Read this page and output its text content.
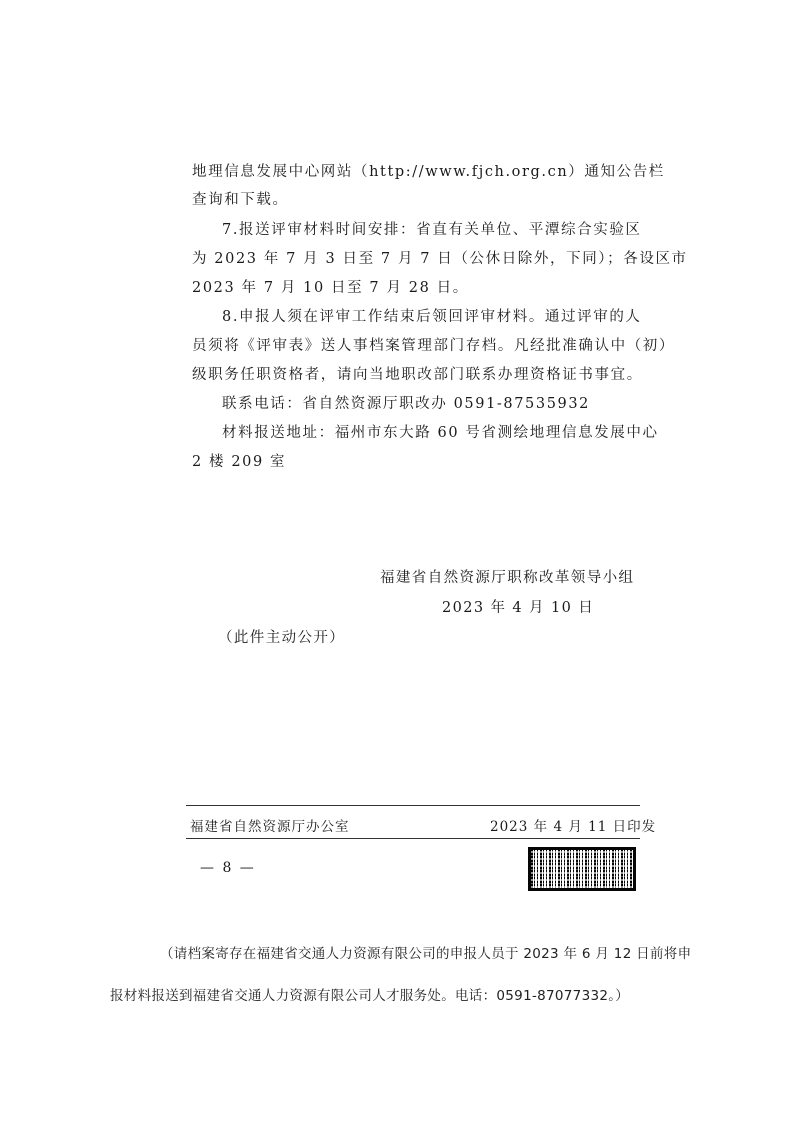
地理信息发展中心网站（http://www.fjch.org.cn）通知公告栏
查询和下载。
7.报送评审材料时间安排：省直有关单位、平潭综合实验区
为 2023 年 7 月 3 日至 7 月 7 日（公休日除外，下同）；各设区市
2023 年 7 月 10 日至 7 月 28 日。
8.申报人须在评审工作结束后领回评审材料。通过评审的人
员须将《评审表》送人事档案管理部门存档。凡经批准确认中（初）
级职务任职资格者，请向当地职改部门联系办理资格证书事宜。
联系电话：省自然资源厅职改办 0591-87535932
材料报送地址：福州市东大路 60 号省测绘地理信息发展中心
2 楼 209 室
福建省自然资源厅职称改革领导小组
2023 年 4 月 10 日
（此件主动公开）
福建省自然资源厅办公室	2023 年 4 月 11 日印发
— 8 —
（请档案寄存在福建省交通人力资源有限公司的申报人员于 2023 年 6 月 12 日前将申
报材料报送到福建省交通人力资源有限公司人才服务处。电话：0591-87077332。）
